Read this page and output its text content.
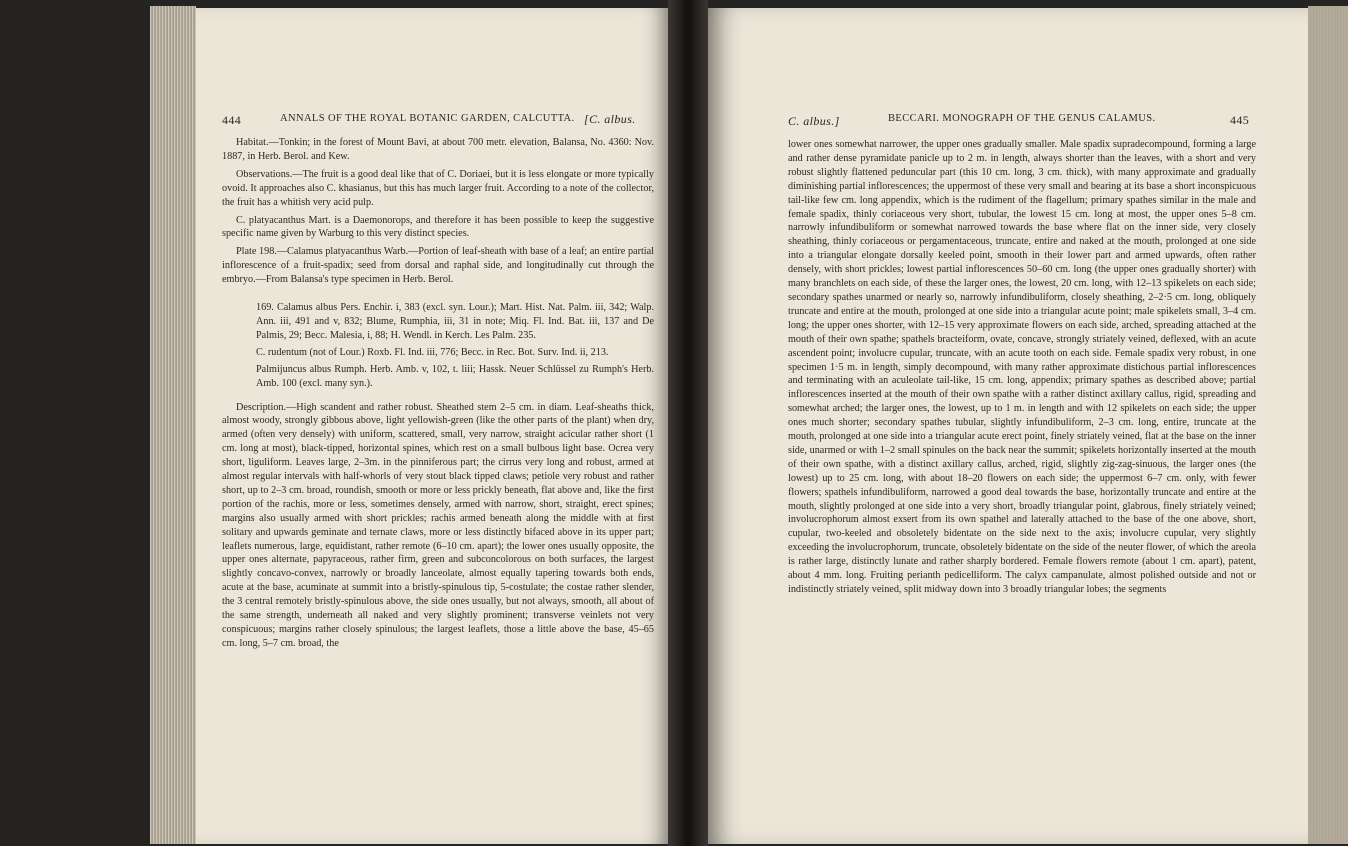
444	ANNALS OF THE ROYAL BOTANIC GARDEN, CALCUTTA. [C. albus.

Habitat.—Tonkin; in the forest of Mount Bavi, at about 700 metr. elevation, Balansa, No. 4360: Nov. 1887, in Herb. Berol. and Kew.

Observations.—The fruit is a good deal like that of C. Doriaei, but it is less elongate or more typically ovoid. It approaches also C. khasianus, but this has much larger fruit. According to a note of the collector, the fruit has a whitish very acid pulp.

C. platyacanthus Mart. is a Daemonorops, and therefore it has been possible to keep the suggestive specific name given by Warburg to this very distinct species.

Plate 198.—Calamus platyacanthus Warb.—Portion of leaf-sheath with base of a leaf; an entire partial inflorescence of a fruit-spadix; seed from dorsal and raphal side, and longitudinally cut through the embryo.—From Balansa's type specimen in Herb. Berol.

169. Calamus albus Pers. Enchir. i, 383 (excl. syn. Lour.); Mart. Hist. Nat. Palm. iii, 342; Walp. Ann. iii, 491 and v, 832; Blume, Rumphia, iii, 31 in note; Miq. Fl. Ind. Bat. iii, 137 and De Palmis, 29; Becc. Malesia, i, 88; H. Wendl. in Kerch. Les Palm. 235.

C. rudentum (not of Lour.) Roxb. Fl. Ind. iii, 776; Becc. in Rec. Bot. Surv. Ind. ii, 213.

Palmijuncus albus Rumph. Herb. Amb. v, 102, t. liii; Hassk. Neuer Schlüssel zu Rumph's Herb. Amb. 100 (excl. many syn.).

Description.—High scandent and rather robust. Sheathed stem 2–5 cm. in diam. Leaf-sheaths thick, almost woody, strongly gibbous above, light yellowish-green (like the other parts of the plant) when dry, armed (often very densely) with uniform, scattered, small, very narrow, straight acicular rather short (1 cm. long at most), black-tipped, horizontal spines, which rest on a small bulbous light base. Ocrea very short, liguliform. Leaves large, 2–3m. in the pinniferous part; the cirrus very long and robust, armed at almost regular intervals with half-whorls of very stout black tipped claws; petiole very robust and rather short, up to 2–3 cm. broad, roundish, smooth or more or less prickly beneath, flat above and, like the first portion of the rachis, more or less, sometimes densely, armed with narrow, short, straight, erect spines; margins also usually armed with short prickles; rachis armed beneath along the middle with at first solitary and upwards geminate and ternate claws, more or less distinctly bifaced above in its upper part; leaflets numerous, large, equidistant, rather remote (6–10 cm. apart); the lower ones usually opposite, the upper ones alternate, papyraceous, rather firm, green and subconcolorous on both surfaces, the largest slightly concavo-convex, narrowly or broadly lanceolate, almost equally tapering towards both ends, acute at the base, acuminate at summit into a bristly-spinulous tip, 5-costulate; the costae rather slender, the 3 central remotely bristly-spinulous above, the side ones usually, but not always, smooth, all about of the same strength, underneath all naked and very slightly prominent; transverse veinlets not very conspicuous; margins rather closely spinulous; the largest leaflets, those a little above the base, 45–65 cm. long, 5–7 cm. broad, the

C. albus.]	BECCARI. MONOGRAPH OF THE GENUS CALAMUS.	445

lower ones somewhat narrower, the upper ones gradually smaller. Male spadix supradecompound, forming a large and rather dense pyramidate panicle up to 2 m. in length, always shorter than the leaves, with a short and very robust slightly flattened peduncular part (this 10 cm. long, 3 cm. thick), with many approximate and gradually diminishing partial inflorescences; the uppermost of these very small and bearing at its base a short inconspicuous tail-like few cm. long appendix, which is the rudiment of the flagellum; primary spathes similar in the male and female spadix, thinly coriaceous very short, tubular, the lowest 15 cm. long at most, the upper ones 5–8 cm. narrowly infundibuliform or somewhat narrowed towards the base where flat on the inner side, very closely sheathing, thinly coriaceous or pergamentaceous, truncate, entire and naked at the mouth, prolonged at one side into a triangular elongate dorsally keeled point, smooth in their lower part and armed upwards, often rather densely, with short prickles; lowest partial inflorescences 50–60 cm. long (the upper ones gradually shorter) with many branchlets on each side, of these the larger ones, the lowest, 20 cm. long, with 12–13 spikelets on each side; secondary spathes unarmed or nearly so, narrowly infundibuliform, closely sheathing, 2–2·5 cm. long, obliquely truncate and entire at the mouth, prolonged at one side into a triangular acute point; male spikelets small, 3–4 cm. long; the upper ones shorter, with 12–15 very approximate flowers on each side, arched, spreading attached at the mouth of their own spathe; spathels bracteiform, ovate, concave, strongly striately veined, deflexed, with an acute ascendent point; involucre cupular, truncate, with an acute tooth on each side. Female spadix very robust, in one specimen 1·5 m. in length, simply decompound, with many rather approximate distichous partial inflorescences and terminating with an aculeolate tail-like, 15 cm. long, appendix; primary spathes as described above; partial inflorescences inserted at the mouth of their own spathe with a rather distinct axillary callus, rigid, spreading and somewhat arched; the larger ones, the lowest, up to 1 m. in length and with 12 spikelets on each side; the upper ones much shorter; secondary spathes tubular, slightly infundibuliform, 2–3 cm. long, entire, truncate at the mouth, prolonged at one side into a triangular acute erect point, finely striately veined, flat at the base on the inner side, unarmed or with 1–2 small spinules on the back near the summit; spikelets horizontally inserted at the mouth of their own spathe, with a distinct axillary callus, arched, rigid, slightly zig-zag-sinuous, the larger ones (the lowest) up to 25 cm. long, with about 18–20 flowers on each side; the uppermost 6–7 cm. only, with fewer flowers; spathels infundibuliform, narrowed a good deal towards the base, horizontally truncate and entire at the mouth, slightly prolonged at one side into a very short, broadly triangular point, glabrous, finely striately veined; involucrophorum almost exsert from its own spathel and laterally attached to the base of the one above, short, cupular, two-keeled and obsoletely bidentate on the side next to the axis; involucre cupular, very slightly exceeding the involucrophorum, truncate, obsoletely bidentate on the side of the neuter flower, of which the areola is rather large, distinctly lunate and rather sharply bordered. Female flowers remote (about 1 cm. apart), patent, about 4 mm. long. Fruiting perianth pedicelliform. The calyx campanulate, almost polished outside and not or indistinctly striately veined, split midway down into 3 broadly triangular lobes; the segments
